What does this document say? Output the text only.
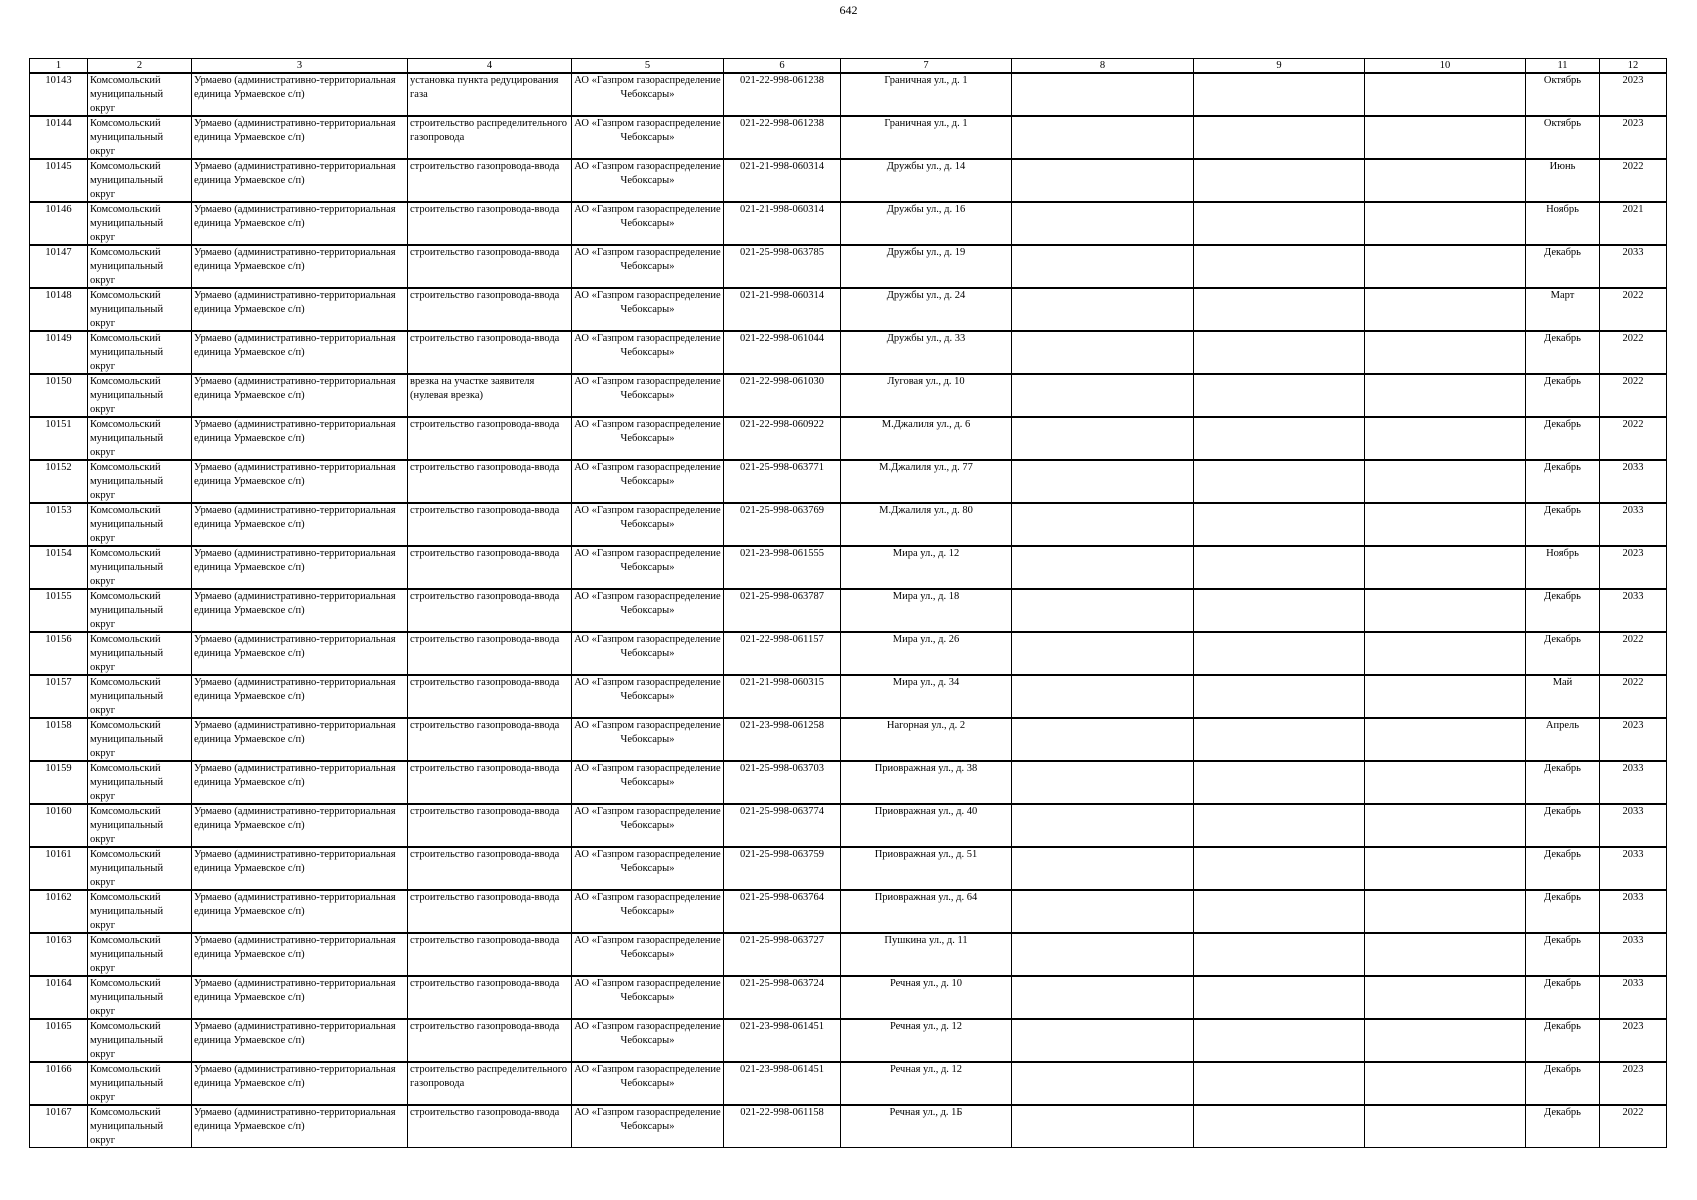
642
1	2	3	4	5	6	7	8	9	10	11	12

10143	Комсомольский муниципальный округ	Урмаево (административно-территориальная единица Урмаевское с/п)	установка пункта редуцирования газа	АО «Газпром газораспределение Чебоксары»	021-22-998-061238	Граничная ул., д. 1				Октябрь	2023

10144	Комсомольский муниципальный округ	Урмаево (административно-территориальная единица Урмаевское с/п)	строительство распределительного газопровода	АО «Газпром газораспределение Чебоксары»	021-22-998-061238	Граничная ул., д. 1				Октябрь	2023

10145	Комсомольский муниципальный округ	Урмаево (административно-территориальная единица Урмаевское с/п)	строительство газопровода-ввода	АО «Газпром газораспределение Чебоксары»	021-21-998-060314	Дружбы ул., д. 14				Июнь	2022

10146	Комсомольский муниципальный округ	Урмаево (административно-территориальная единица Урмаевское с/п)	строительство газопровода-ввода	АО «Газпром газораспределение Чебоксары»	021-21-998-060314	Дружбы ул., д. 16				Ноябрь	2021

10147	Комсомольский муниципальный округ	Урмаево (административно-территориальная единица Урмаевское с/п)	строительство газопровода-ввода	АО «Газпром газораспределение Чебоксары»	021-25-998-063785	Дружбы ул., д. 19				Декабрь	2033

10148	Комсомольский муниципальный округ	Урмаево (административно-территориальная единица Урмаевское с/п)	строительство газопровода-ввода	АО «Газпром газораспределение Чебоксары»	021-21-998-060314	Дружбы ул., д. 24				Март	2022

10149	Комсомольский муниципальный округ	Урмаево (административно-территориальная единица Урмаевское с/п)	строительство газопровода-ввода	АО «Газпром газораспределение Чебоксары»	021-22-998-061044	Дружбы ул., д. 33				Декабрь	2022

10150	Комсомольский муниципальный округ	Урмаево (административно-территориальная единица Урмаевское с/п)	врезка на участке заявителя (нулевая врезка)	АО «Газпром газораспределение Чебоксары»	021-22-998-061030	Луговая ул., д. 10				Декабрь	2022

10151	Комсомольский муниципальный округ	Урмаево (административно-территориальная единица Урмаевское с/п)	строительство газопровода-ввода	АО «Газпром газораспределение Чебоксары»	021-22-998-060922	М.Джалиля ул., д. 6				Декабрь	2022

10152	Комсомольский муниципальный округ	Урмаево (административно-территориальная единица Урмаевское с/п)	строительство газопровода-ввода	АО «Газпром газораспределение Чебоксары»	021-25-998-063771	М.Джалиля ул., д. 77				Декабрь	2033

10153	Комсомольский муниципальный округ	Урмаево (административно-территориальная единица Урмаевское с/п)	строительство газопровода-ввода	АО «Газпром газораспределение Чебоксары»	021-25-998-063769	М.Джалиля ул., д. 80				Декабрь	2033

10154	Комсомольский муниципальный округ	Урмаево (административно-территориальная единица Урмаевское с/п)	строительство газопровода-ввода	АО «Газпром газораспределение Чебоксары»	021-23-998-061555	Мира ул., д. 12				Ноябрь	2023

10155	Комсомольский муниципальный округ	Урмаево (административно-территориальная единица Урмаевское с/п)	строительство газопровода-ввода	АО «Газпром газораспределение Чебоксары»	021-25-998-063787	Мира ул., д. 18				Декабрь	2033

10156	Комсомольский муниципальный округ	Урмаево (административно-территориальная единица Урмаевское с/п)	строительство газопровода-ввода	АО «Газпром газораспределение Чебоксары»	021-22-998-061157	Мира ул., д. 26				Декабрь	2022

10157	Комсомольский муниципальный округ	Урмаево (административно-территориальная единица Урмаевское с/п)	строительство газопровода-ввода	АО «Газпром газораспределение Чебоксары»	021-21-998-060315	Мира ул., д. 34				Май	2022

10158	Комсомольский муниципальный округ	Урмаево (административно-территориальная единица Урмаевское с/п)	строительство газопровода-ввода	АО «Газпром газораспределение Чебоксары»	021-23-998-061258	Нагорная ул., д. 2				Апрель	2023

10159	Комсомольский муниципальный округ	Урмаево (административно-территориальная единица Урмаевское с/п)	строительство газопровода-ввода	АО «Газпром газораспределение Чебоксары»	021-25-998-063703	Приовражная ул., д. 38				Декабрь	2033

10160	Комсомольский муниципальный округ	Урмаево (административно-территориальная единица Урмаевское с/п)	строительство газопровода-ввода	АО «Газпром газораспределение Чебоксары»	021-25-998-063774	Приовражная ул., д. 40				Декабрь	2033

10161	Комсомольский муниципальный округ	Урмаево (административно-территориальная единица Урмаевское с/п)	строительство газопровода-ввода	АО «Газпром газораспределение Чебоксары»	021-25-998-063759	Приовражная ул., д. 51				Декабрь	2033

10162	Комсомольский муниципальный округ	Урмаево (административно-территориальная единица Урмаевское с/п)	строительство газопровода-ввода	АО «Газпром газораспределение Чебоксары»	021-25-998-063764	Приовражная ул., д. 64				Декабрь	2033

10163	Комсомольский муниципальный округ	Урмаево (административно-территориальная единица Урмаевское с/п)	строительство газопровода-ввода	АО «Газпром газораспределение Чебоксары»	021-25-998-063727	Пушкина ул., д. 11				Декабрь	2033

10164	Комсомольский муниципальный округ	Урмаево (административно-территориальная единица Урмаевское с/п)	строительство газопровода-ввода	АО «Газпром газораспределение Чебоксары»	021-25-998-063724	Речная ул., д. 10				Декабрь	2033

10165	Комсомольский муниципальный округ	Урмаево (административно-территориальная единица Урмаевское с/п)	строительство газопровода-ввода	АО «Газпром газораспределение Чебоксары»	021-23-998-061451	Речная ул., д. 12				Декабрь	2023

10166	Комсомольский муниципальный округ	Урмаево (административно-территориальная единица Урмаевское с/п)	строительство распределительного газопровода	АО «Газпром газораспределение Чебоксары»	021-23-998-061451	Речная ул., д. 12				Декабрь	2023

10167	Комсомольский муниципальный округ	Урмаево (административно-территориальная единица Урмаевское с/п)	строительство газопровода-ввода	АО «Газпром газораспределение Чебоксары»	021-22-998-061158	Речная ул., д. 1Б				Декабрь	2022
